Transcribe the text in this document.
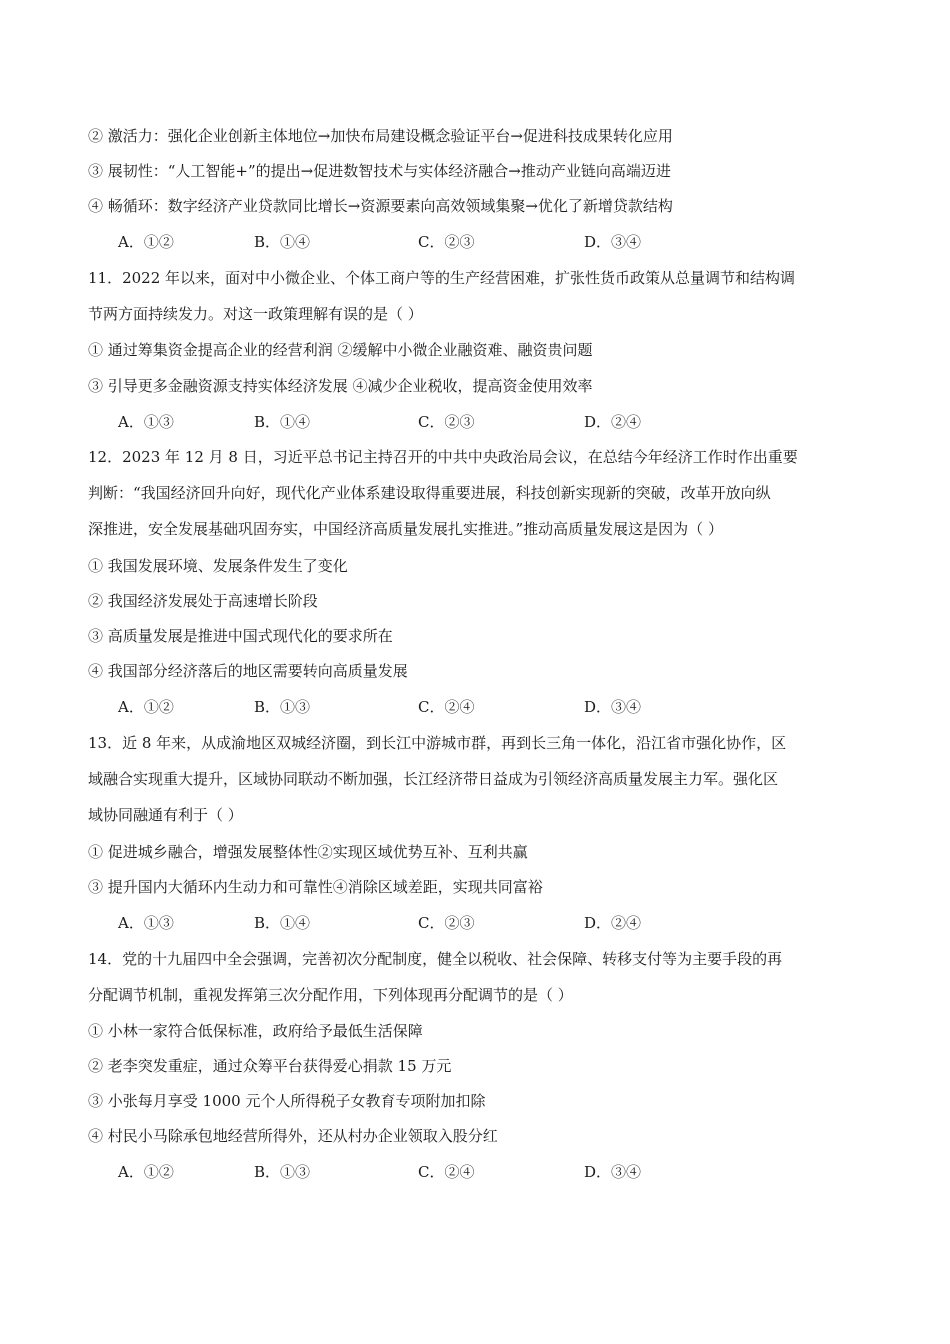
② 激活力：强化企业创新主体地位→加快布局建设概念验证平台→促进科技成果转化应用
③ 展韧性：“人工智能+”的提出→促进数智技术与实体经济融合→推动产业链向高端迈进
④ 畅循环：数字经济产业贷款同比增长→资源要素向高效领域集聚→优化了新增贷款结构
A．①②	B．①④	C．②③	D．③④
11．2022 年以来，面对中小微企业、个体工商户等的生产经营困难，扩张性货币政策从总量调节和结构调
节两方面持续发力。对这一政策理解有误的是（ ）
① 通过筹集资金提高企业的经营利润 ②缓解中小微企业融资难、融资贵问题
③ 引导更多金融资源支持实体经济发展 ④减少企业税收，提高资金使用效率
A．①③	B．①④	C．②③	D．②④
12．2023 年 12 月 8 日，习近平总书记主持召开的中共中央政治局会议，在总结今年经济工作时作出重要
判断：“我国经济回升向好，现代化产业体系建设取得重要进展，科技创新实现新的突破，改革开放向纵
深推进，安全发展基础巩固夯实，中国经济高质量发展扎实推进。”推动高质量发展这是因为（ ）
① 我国发展环境、发展条件发生了变化
② 我国经济发展处于高速增长阶段
③ 高质量发展是推进中国式现代化的要求所在
④ 我国部分经济落后的地区需要转向高质量发展
A．①②	B．①③	C．②④	D．③④
13．近 8 年来，从成渝地区双城经济圈，到长江中游城市群，再到长三角一体化，沿江省市强化协作，区
域融合实现重大提升，区域协同联动不断加强，长江经济带日益成为引领经济高质量发展主力军。强化区
域协同融通有利于（ ）
① 促进城乡融合，增强发展整体性②实现区域优势互补、互利共赢
③ 提升国内大循环内生动力和可靠性④消除区域差距，实现共同富裕
A．①③	B．①④	C．②③	D．②④
14．党的十九届四中全会强调，完善初次分配制度，健全以税收、社会保障、转移支付等为主要手段的再
分配调节机制，重视发挥第三次分配作用，下列体现再分配调节的是（ ）
① 小林一家符合低保标准，政府给予最低生活保障
② 老李突发重症，通过众筹平台获得爱心捐款 15 万元
③ 小张每月享受 1000 元个人所得税子女教育专项附加扣除
④ 村民小马除承包地经营所得外，还从村办企业领取入股分红
A．①②	B．①③	C．②④	D．③④
